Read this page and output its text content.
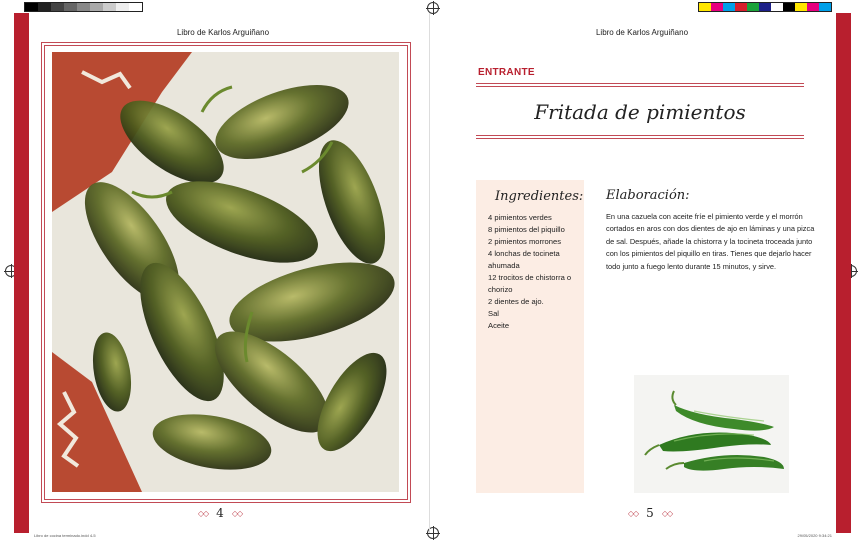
Libro de Karlos Arguiñano
◇◇ 4 ◇◇
Libro de Karlos Arguiñano
ENTRANTE
Fritada de pimientos
Ingredientes:
4 pimientos verdes
8 pimientos del piquillo
2 pimientos morrones
4 lonchas de tocineta
ahumada
12 trocitos de chistorra o
chorizo
2 dientes de ajo.
Sal
Aceite
Elaboración:
En una cazuela con aceite fríe el pimiento verde y el morrón
cortados en aros con dos dientes de ajo en láminas y una pizca
de sal. Después, añade la chistorra y la tocineta troceada junto
con los pimientos del piquillo en tiras. Tienes que dejarlo hacer
todo junto a fuego lento durante 15 minutos, y sirve.
◇◇ 5 ◇◇
Libro de cocina terminado.indd 4-5	29/05/2020 9:34:21
